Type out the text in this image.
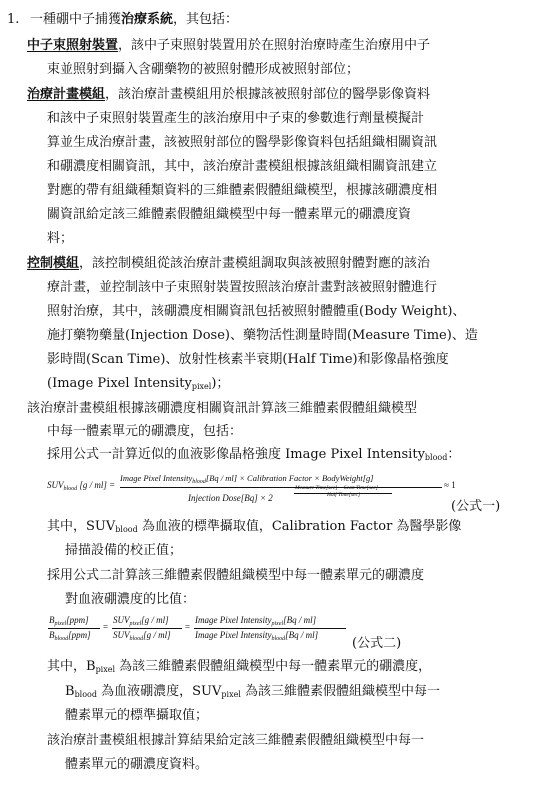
1. 一種硼中子捕獲治療系統，其包括：
中子束照射裝置，該中子束照射裝置用於在照射治療時產生治療用中子
束並照射到攝入含硼藥物的被照射體形成被照射部位；
治療計畫模組，該治療計畫模組用於根據該被照射部位的醫學影像資料
和該中子束照射裝置產生的該治療用中子束的參數進行劑量模擬計
算並生成治療計畫，該被照射部位的醫學影像資料包括組織相關資訊
和硼濃度相關資訊，其中，該治療計畫模組根據該組織相關資訊建立
對應的帶有組織種類資料的三維體素假體組織模型，根據該硼濃度相
關資訊給定該三維體素假體組織模型中每一體素單元的硼濃度資
料；
控制模組，該控制模組從該治療計畫模組調取與該被照射體對應的該治
療計畫，並控制該中子束照射裝置按照該治療計畫對該被照射體進行
照射治療，其中，該硼濃度相關資訊包括被照射體體重(Body Weight)、
施打藥物藥量(Injection Dose)、藥物活性測量時間(Measure Time)、造
影時間(Scan Time)、放射性核素半衰期(Half Time)和影像晶格強度
(Image Pixel Intensity$_{pixel}$)；
該治療計畫模組根據該硼濃度相關資訊計算該三維體素假體組織模型
中每一體素單元的硼濃度，包括：
採用公式一計算近似的血液影像晶格強度 Image Pixel Intensity$_{blood}$：
$SUV_{blood}$ [g / ml] =
Image Pixel Intensity$_{blood}$[Bq / ml] × Calibration Factor × BodyWeight[g]
Measure Time[sec] − Scan Time[sec]
Half Time[sec]
Injection Dose[Bq] × 2
≈ 1
(公式一)
其中，$SUV_{blood}$ 為血液的標準攝取值，Calibration Factor 為醫學影像
掃描設備的校正值；
採用公式二計算該三維體素假體組織模型中每一體素單元的硼濃度
對血液硼濃度的比值：
$B_{pixel}[ppm]$
$B_{blood}[ppm]$
=
$SUV_{pixel}[g / ml]$
$SUV_{blood}[g / ml]$
=
Image Pixel Intensity$_{pixel}$[Bq / ml]
Image Pixel Intensity$_{blood}$[Bq / ml]
(公式二)
其中，$B_{pixel}$ 為該三維體素假體組織模型中每一體素單元的硼濃度，
$B_{blood}$ 為血液硼濃度，$SUV_{pixel}$ 為該三維體素假體組織模型中每一
體素單元的標準攝取值；
該治療計畫模組根據計算結果給定該三維體素假體組織模型中每一
體素單元的硼濃度資料。
